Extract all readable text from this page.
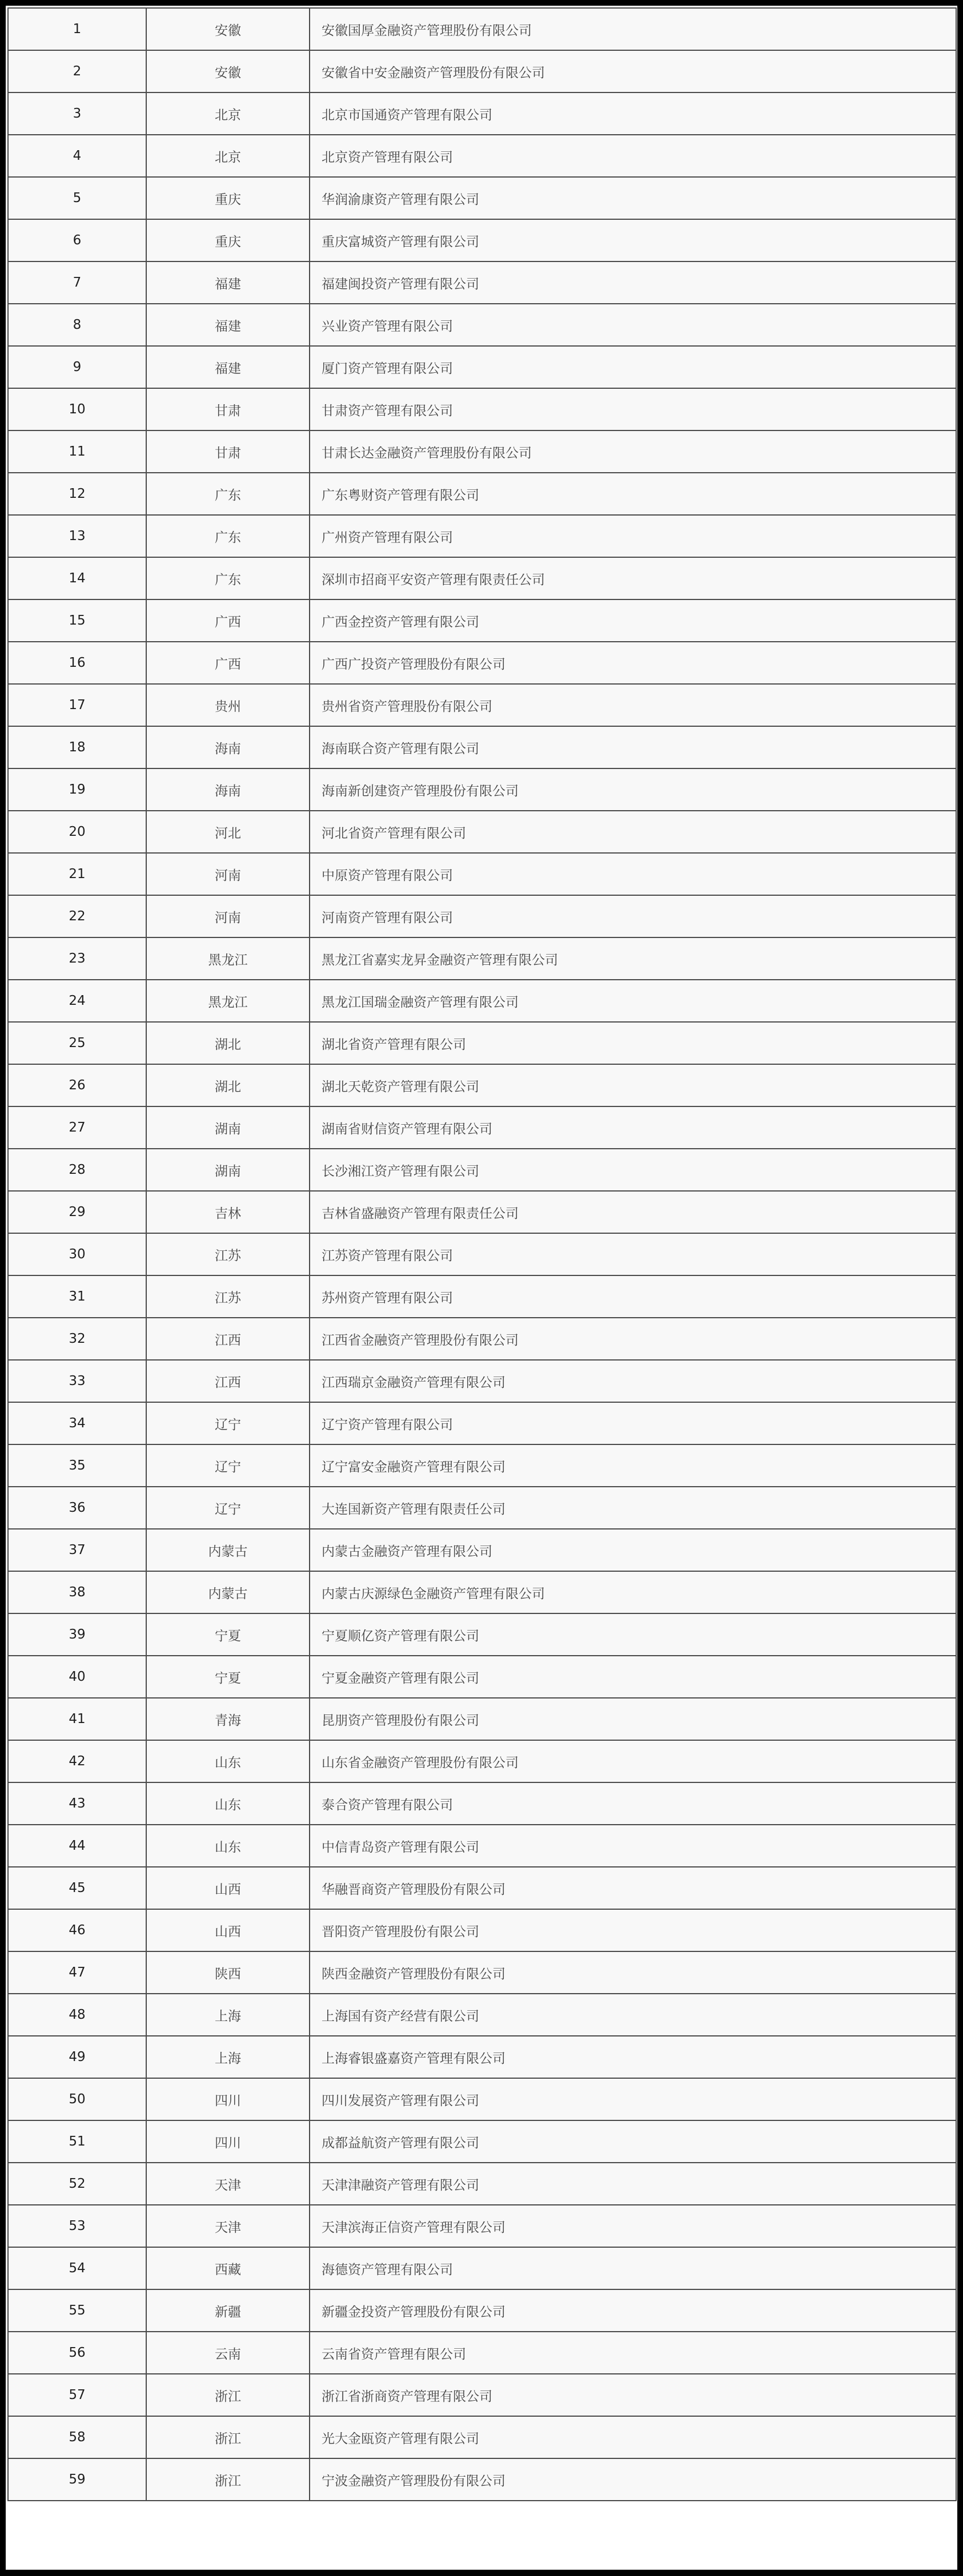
1	安徽	安徽国厚金融资产管理股份有限公司
2	安徽	安徽省中安金融资产管理股份有限公司
3	北京	北京市国通资产管理有限公司
4	北京	北京资产管理有限公司
5	重庆	华润渝康资产管理有限公司
6	重庆	重庆富城资产管理有限公司
7	福建	福建闽投资产管理有限公司
8	福建	兴业资产管理有限公司
9	福建	厦门资产管理有限公司
10	甘肃	甘肃资产管理有限公司
11	甘肃	甘肃长达金融资产管理股份有限公司
12	广东	广东粤财资产管理有限公司
13	广东	广州资产管理有限公司
14	广东	深圳市招商平安资产管理有限责任公司
15	广西	广西金控资产管理有限公司
16	广西	广西广投资产管理股份有限公司
17	贵州	贵州省资产管理股份有限公司
18	海南	海南联合资产管理有限公司
19	海南	海南新创建资产管理股份有限公司
20	河北	河北省资产管理有限公司
21	河南	中原资产管理有限公司
22	河南	河南资产管理有限公司
23	黑龙江	黑龙江省嘉实龙昇金融资产管理有限公司
24	黑龙江	黑龙江国瑞金融资产管理有限公司
25	湖北	湖北省资产管理有限公司
26	湖北	湖北天乾资产管理有限公司
27	湖南	湖南省财信资产管理有限公司
28	湖南	长沙湘江资产管理有限公司
29	吉林	吉林省盛融资产管理有限责任公司
30	江苏	江苏资产管理有限公司
31	江苏	苏州资产管理有限公司
32	江西	江西省金融资产管理股份有限公司
33	江西	江西瑞京金融资产管理有限公司
34	辽宁	辽宁资产管理有限公司
35	辽宁	辽宁富安金融资产管理有限公司
36	辽宁	大连国新资产管理有限责任公司
37	内蒙古	内蒙古金融资产管理有限公司
38	内蒙古	内蒙古庆源绿色金融资产管理有限公司
39	宁夏	宁夏顺亿资产管理有限公司
40	宁夏	宁夏金融资产管理有限公司
41	青海	昆朋资产管理股份有限公司
42	山东	山东省金融资产管理股份有限公司
43	山东	泰合资产管理有限公司
44	山东	中信青岛资产管理有限公司
45	山西	华融晋商资产管理股份有限公司
46	山西	晋阳资产管理股份有限公司
47	陕西	陕西金融资产管理股份有限公司
48	上海	上海国有资产经营有限公司
49	上海	上海睿银盛嘉资产管理有限公司
50	四川	四川发展资产管理有限公司
51	四川	成都益航资产管理有限公司
52	天津	天津津融资产管理有限公司
53	天津	天津滨海正信资产管理有限公司
54	西藏	海德资产管理有限公司
55	新疆	新疆金投资产管理股份有限公司
56	云南	云南省资产管理有限公司
57	浙江	浙江省浙商资产管理有限公司
58	浙江	光大金瓯资产管理有限公司
59	浙江	宁波金融资产管理股份有限公司
